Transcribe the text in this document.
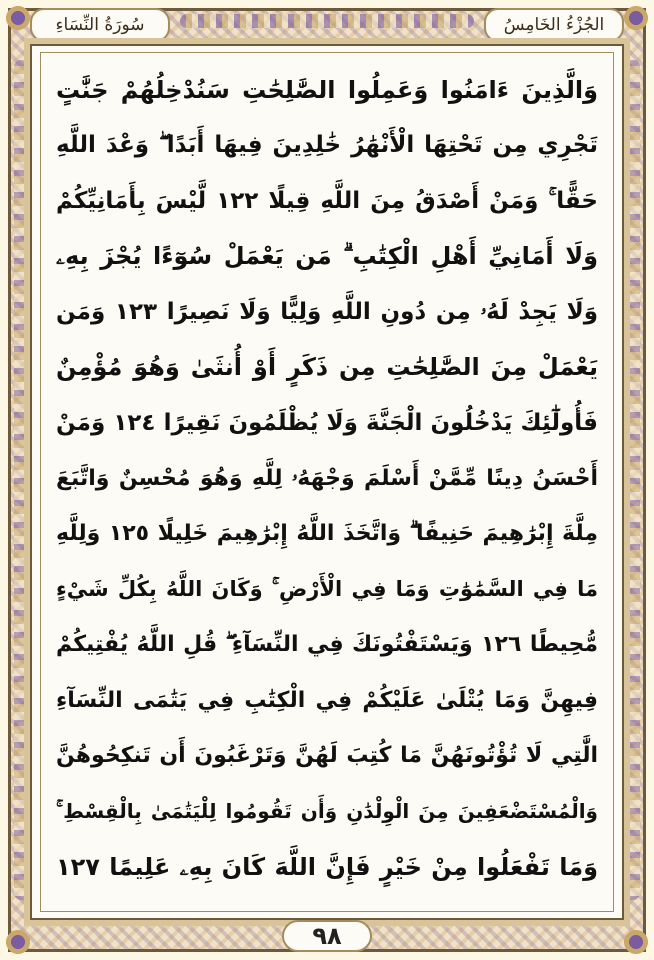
الجُزْءُ الخَامِسُ
سُورَةُ النِّسَاءِ
وَالَّذِينَ ءَامَنُوا وَعَمِلُوا الصَّٰلِحَٰتِ سَنُدْخِلُهُمْ جَنَّٰتٍ
تَجْرِي مِن تَحْتِهَا الْأَنْهَٰرُ خَٰلِدِينَ فِيهَا أَبَدًا ۖ وَعْدَ اللَّهِ
حَقًّا ۚ وَمَنْ أَصْدَقُ مِنَ اللَّهِ قِيلًا ١٢٢ لَّيْسَ بِأَمَانِيِّكُمْ
وَلَا أَمَانِيِّ أَهْلِ الْكِتَٰبِ ۗ مَن يَعْمَلْ سُوٓءًا يُجْزَ بِهِۦ
وَلَا يَجِدْ لَهُۥ مِن دُونِ اللَّهِ وَلِيًّا وَلَا نَصِيرًا ١٢٣ وَمَن
يَعْمَلْ مِنَ الصَّٰلِحَٰتِ مِن ذَكَرٍ أَوْ أُنثَىٰ وَهُوَ مُؤْمِنٌ
فَأُولَٰٓئِكَ يَدْخُلُونَ الْجَنَّةَ وَلَا يُظْلَمُونَ نَقِيرًا ١٢٤ وَمَنْ
أَحْسَنُ دِينًا مِّمَّنْ أَسْلَمَ وَجْهَهُۥ لِلَّهِ وَهُوَ مُحْسِنٌ وَاتَّبَعَ
مِلَّةَ إِبْرَٰهِيمَ حَنِيفًا ۗ وَاتَّخَذَ اللَّهُ إِبْرَٰهِيمَ خَلِيلًا ١٢٥ وَلِلَّهِ
مَا فِي السَّمَٰوَٰتِ وَمَا فِي الْأَرْضِ ۚ وَكَانَ اللَّهُ بِكُلِّ شَيْءٍ
مُّحِيطًا ١٢٦ وَيَسْتَفْتُونَكَ فِي النِّسَآءِ ۖ قُلِ اللَّهُ يُفْتِيكُمْ
فِيهِنَّ وَمَا يُتْلَىٰ عَلَيْكُمْ فِي الْكِتَٰبِ فِي يَتَٰمَى النِّسَآءِ
الَّٰتِي لَا تُؤْتُونَهُنَّ مَا كُتِبَ لَهُنَّ وَتَرْغَبُونَ أَن تَنكِحُوهُنَّ
وَالْمُسْتَضْعَفِينَ مِنَ الْوِلْدَٰنِ وَأَن تَقُومُوا لِلْيَتَٰمَىٰ بِالْقِسْطِ ۚ
وَمَا تَفْعَلُوا مِنْ خَيْرٍ فَإِنَّ اللَّهَ كَانَ بِهِۦ عَلِيمًا ١٢٧
٩٨
